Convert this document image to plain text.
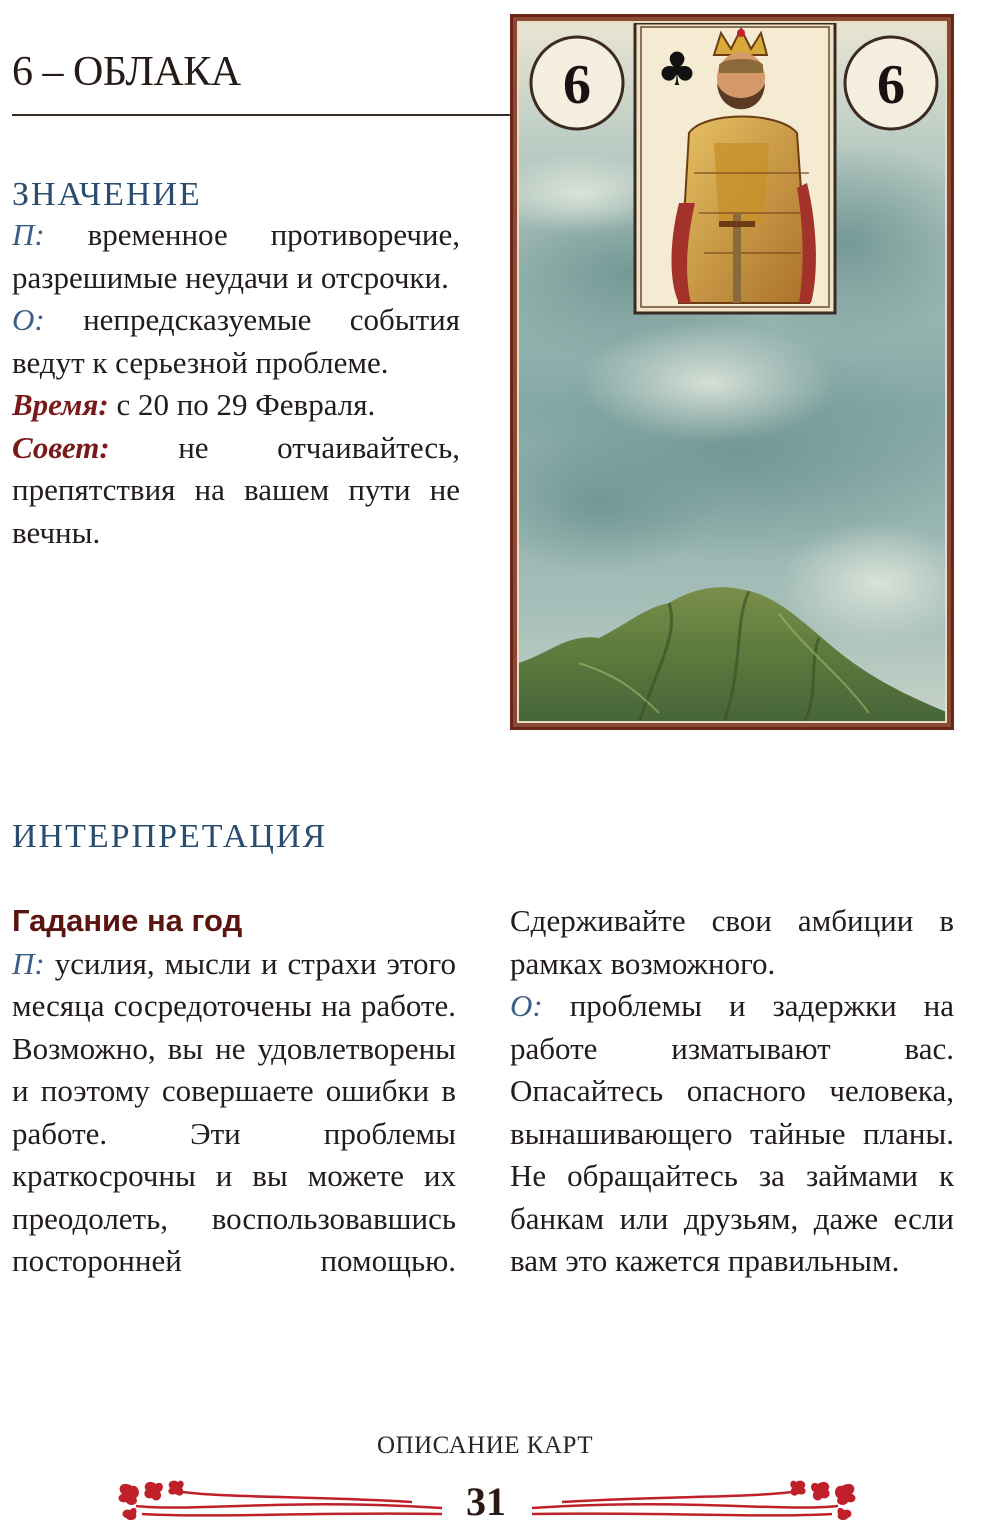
6 – ОБЛАКА
ЗНАЧЕНИЕ

П: временное противоречие, разрешимые неудачи и отсрочки.

О: непредсказуемые события ведут к серьезной проблеме.

Время: с 20 по 29 Февраля.

Совет: не отчаивайтесь, препятствия на вашем пути не вечны.

6	6
♣
ИНТЕРПРЕТАЦИЯ
Гадание на год

П: усилия, мысли и страхи этого месяца сосредоточены на работе. Возможно, вы не удовлетворены и поэтому совершаете ошибки в работе. Эти проблемы краткосрочны и вы можете их преодолеть, воспользовавшись посторонней помощью. Сдерживайте свои амбиции в рамках возможного.

О: проблемы и задержки на работе изматывают вас. Опасайтесь опасного человека, вынашивающего тайные планы. Не обращайтесь за займами к банкам или друзьям, даже если вам это кажется правильным.

ОПИСАНИЕ КАРТ
31
